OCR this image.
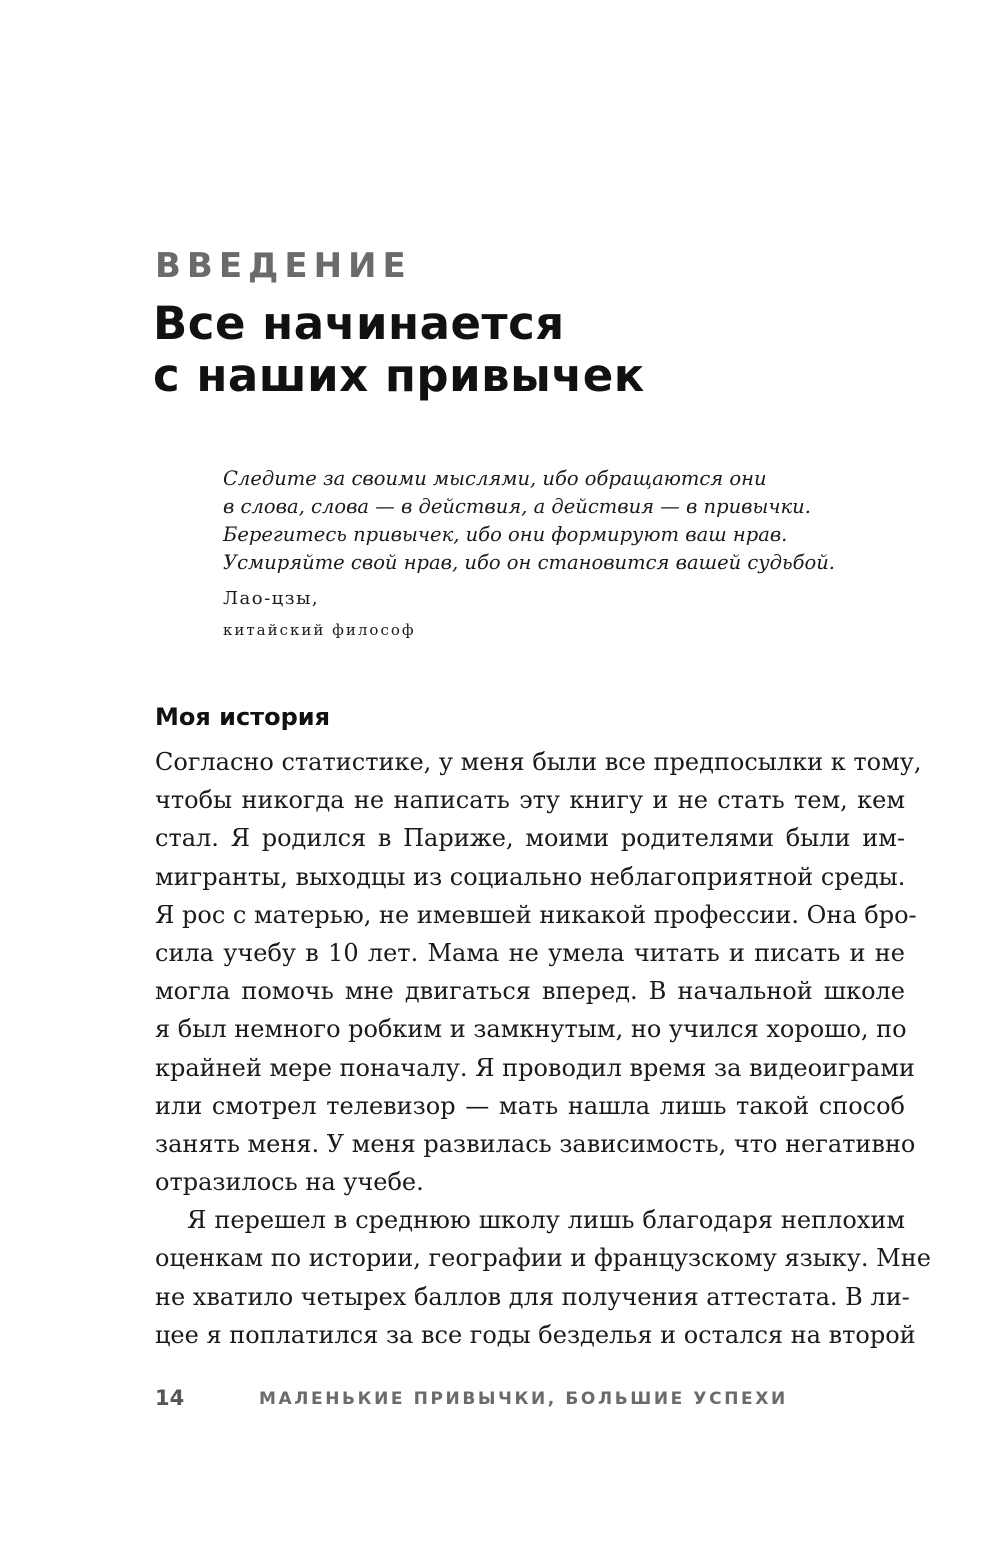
ВВЕДЕНИЕ
Все начинается
с наших привычек
Следите за своими мыслями, ибо обращаются они
в слова, слова — в действия, а действия — в привычки.
Берегитесь привычек, ибо они формируют ваш нрав.
Усмиряйте свой нрав, ибо он становится вашей судьбой.
Лао-цзы,
китайский философ
Моя история
Согласно статистике, у меня были все предпосылки к тому,
чтобы никогда не написать эту книгу и не стать тем, кем
стал. Я родился в Париже, моими родителями были им-
мигранты, выходцы из социально неблагоприятной среды.
Я рос с матерью, не имевшей никакой профессии. Она бро-
сила учебу в 10 лет. Мама не умела читать и писать и не
могла помочь мне двигаться вперед. В начальной школе
я был немного робким и замкнутым, но учился хорошо, по
крайней мере поначалу. Я проводил время за видеоиграми
или смотрел телевизор — мать нашла лишь такой способ
занять меня. У меня развилась зависимость, что негативно
отразилось на учебе.
Я перешел в среднюю школу лишь благодаря неплохим
оценкам по истории, географии и французскому языку. Мне
не хватило четырех баллов для получения аттестата. В ли-
цее я поплатился за все годы безделья и остался на второй
14	МАЛЕНЬКИЕ ПРИВЫЧКИ, БОЛЬШИЕ УСПЕХИ
